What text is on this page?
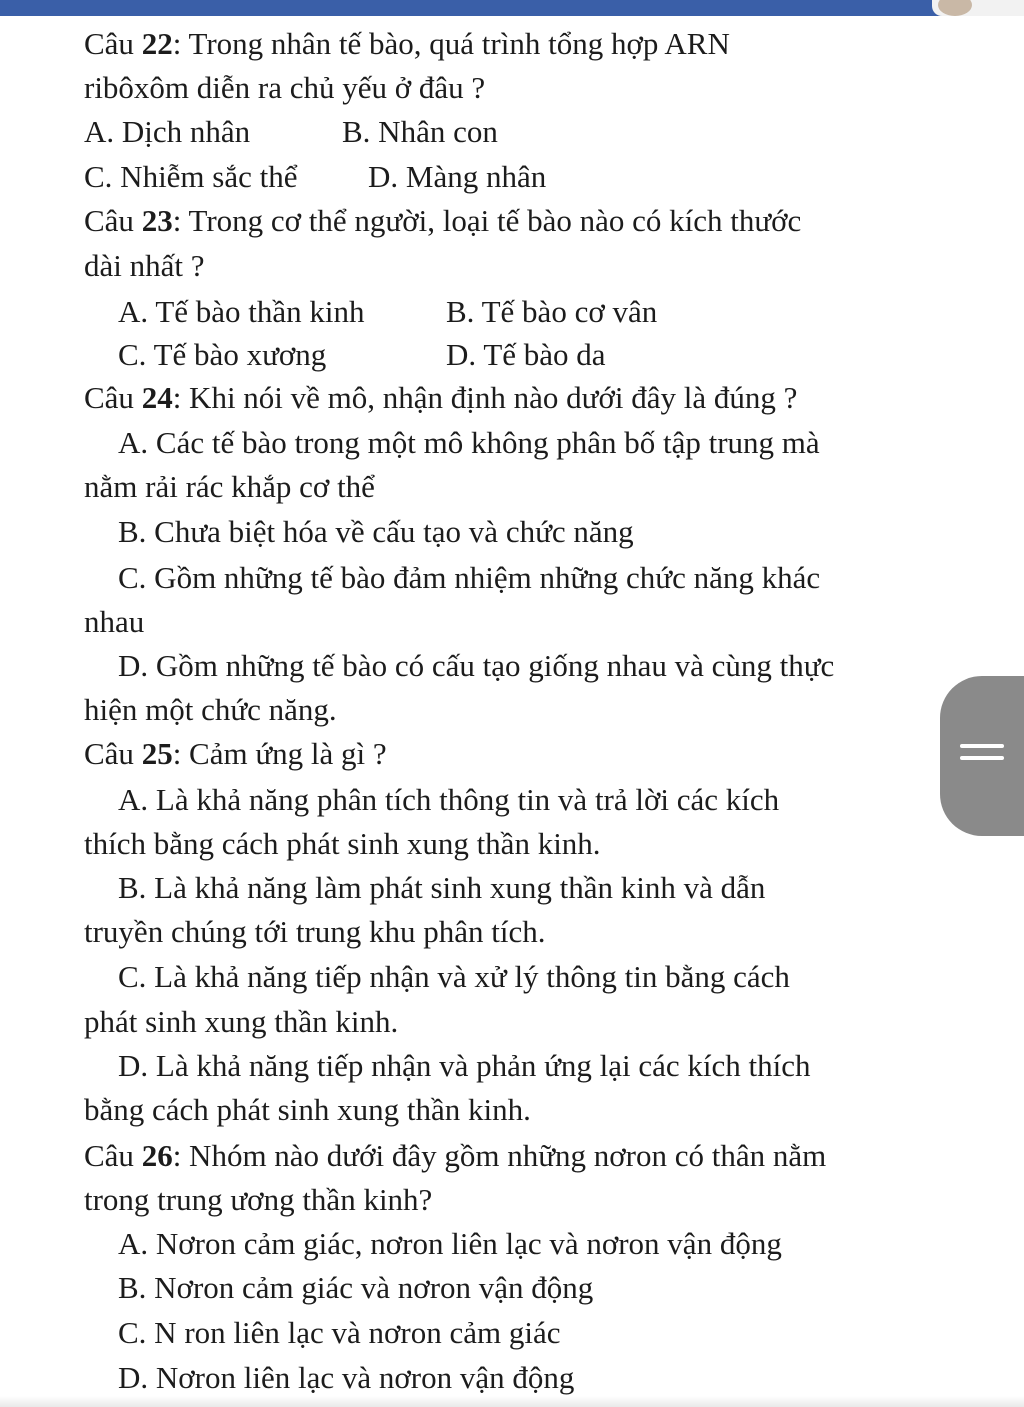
Câu 22: Trong nhân tế bào, quá trình tổng hợp ARN
ribôxôm diễn ra chủ yếu ở đâu ?
A. Dịch nhân	B. Nhân con
C. Nhiễm sắc thể D. Màng nhân
Câu 23: Trong cơ thể người, loại tế bào nào có kích thước
dài nhất ?
A. Tế bào thần kinh	B. Tế bào cơ vân
C. Tế bào xương	D. Tế bào da
Câu 24: Khi nói về mô, nhận định nào dưới đây là đúng ?
A. Các tế bào trong một mô không phân bố tập trung mà
nằm rải rác khắp cơ thể
B. Chưa biệt hóa về cấu tạo và chức năng
C. Gồm những tế bào đảm nhiệm những chức năng khác
nhau
D. Gồm những tế bào có cấu tạo giống nhau và cùng thực
hiện một chức năng.
Câu 25: Cảm ứng là gì ?
A. Là khả năng phân tích thông tin và trả lời các kích
thích bằng cách phát sinh xung thần kinh.
B. Là khả năng làm phát sinh xung thần kinh và dẫn
truyền chúng tới trung khu phân tích.
C. Là khả năng tiếp nhận và xử lý thông tin bằng cách
phát sinh xung thần kinh.
D. Là khả năng tiếp nhận và phản ứng lại các kích thích
bằng cách phát sinh xung thần kinh.
Câu 26: Nhóm nào dưới đây gồm những nơron có thân nằm
trong trung ương thần kinh?
A. Nơron cảm giác, nơron liên lạc và nơron vận động
B. Nơron cảm giác và nơron vận động
C. N ron liên lạc và nơron cảm giác
D. Nơron liên lạc và nơron vận động
